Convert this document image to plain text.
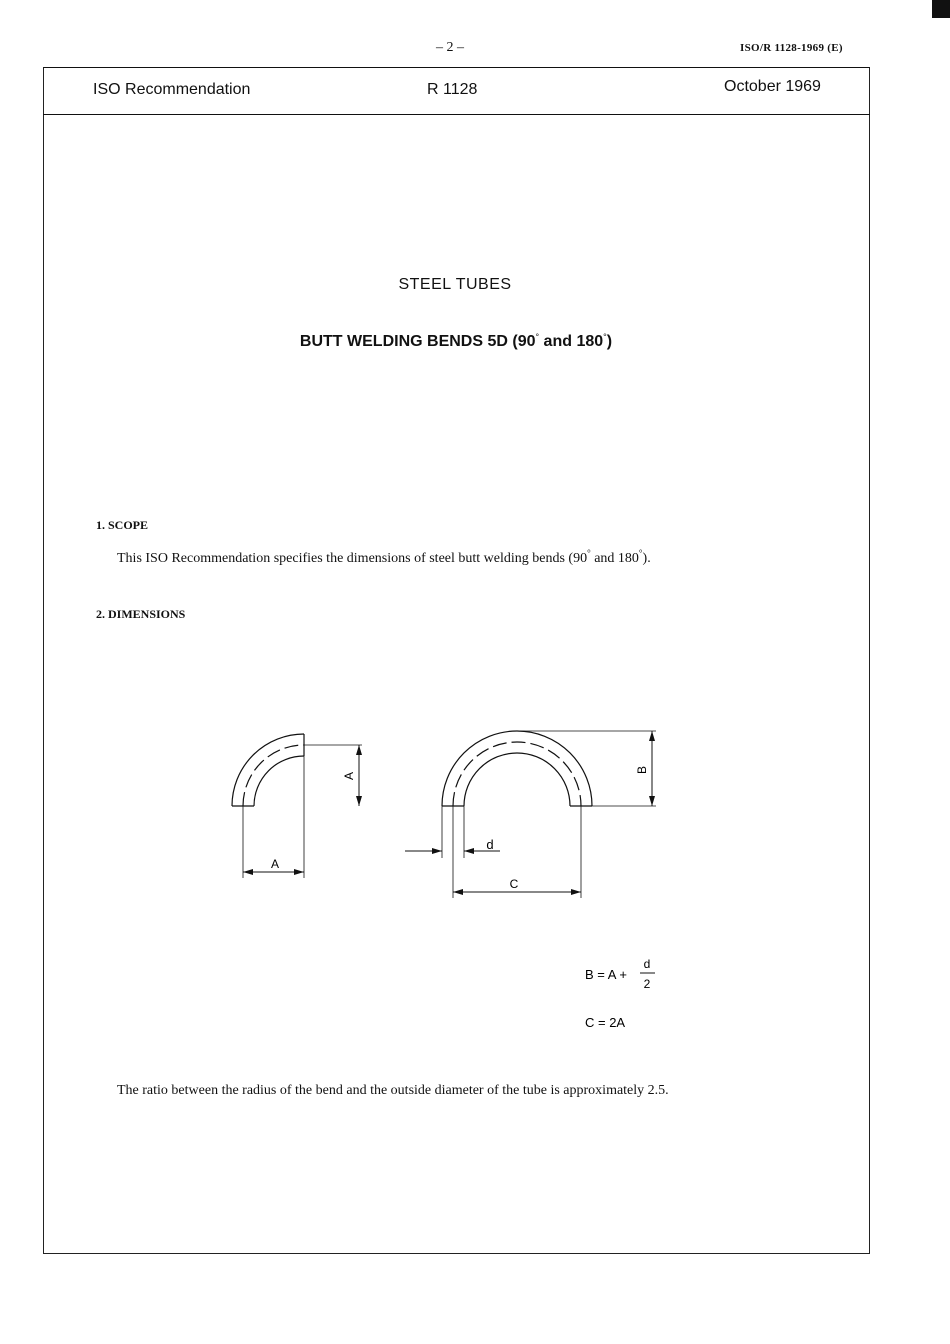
– 2 –	ISO/R 1128-1969 (E)
ISO Recommendation	R 1128	October 1969
STEEL TUBES
BUTT WELDING BENDS 5D (90° and 180°)
1. SCOPE
This ISO Recommendation specifies the dimensions of steel butt welding bends (90° and 180°).
2. DIMENSIONS
A
A
B
d
C
B = A +
d
2
C = 2A
The ratio between the radius of the bend and the outside diameter of the tube is approximately 2.5.
